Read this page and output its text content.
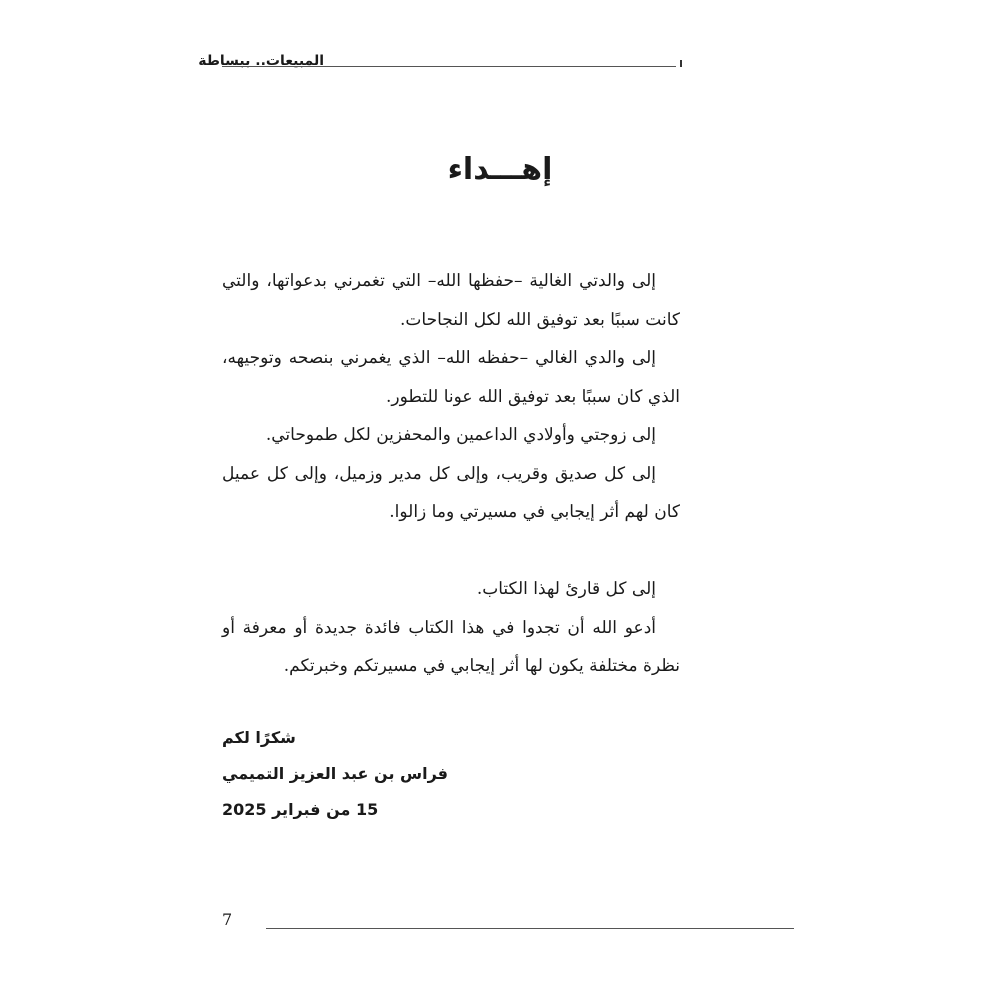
المبيعات.. ببساطة
إهـــداء

إلى والدتي الغالية –حفظها الله– التي تغمرني بدعواتها، والتي كانت سببًا بعد توفيق الله لكل النجاحات.

إلى والدي الغالي –حفظه الله– الذي يغمرني بنصحه وتوجيهه، الذي كان سببًا بعد توفيق الله عونا للتطور.

إلى زوجتي وأولادي الداعمين والمحفزين لكل طموحاتي.

إلى كل صديق وقريب، وإلى كل مدير وزميل، وإلى كل عميل كان لهم أثر إيجابي في مسيرتي وما زالوا.

إلى كل قارئ لهذا الكتاب.

أدعو الله أن تجدوا في هذا الكتاب فائدة جديدة أو معرفة أو نظرة مختلفة يكون لها أثر إيجابي في مسيرتكم وخبرتكم.

شكرًا لكم
فراس بن عبد العزيز التميمي
15 من فبراير 2025
7
